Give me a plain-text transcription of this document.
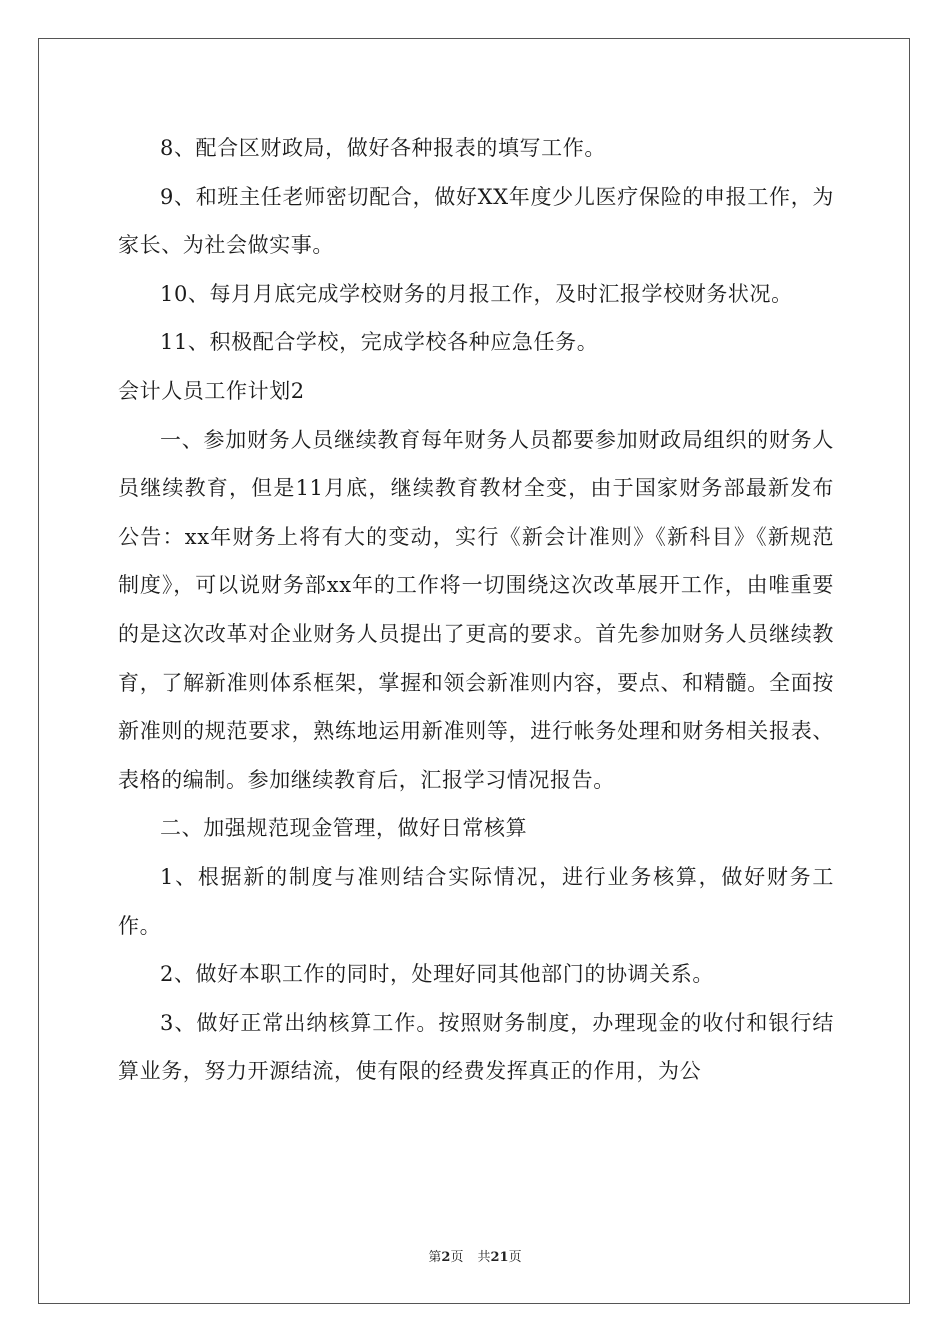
8、配合区财政局，做好各种报表的填写工作。

9、和班主任老师密切配合，做好XX年度少儿医疗保险的申报工作，为家长、为社会做实事。

10、每月月底完成学校财务的月报工作，及时汇报学校财务状况。

11、积极配合学校，完成学校各种应急任务。

会计人员工作计划2

一、参加财务人员继续教育每年财务人员都要参加财政局组织的财务人员继续教育，但是11月底，继续教育教材全变，由于国家财务部最新发布公告：xx年财务上将有大的变动，实行《新会计准则》《新科目》《新规范制度》，可以说财务部xx年的工作将一切围绕这次改革展开工作，由唯重要的是这次改革对企业财务人员提出了更高的要求。首先参加财务人员继续教育，了解新准则体系框架，掌握和领会新准则内容，要点、和精髓。全面按新准则的规范要求，熟练地运用新准则等，进行帐务处理和财务相关报表、表格的编制。参加继续教育后，汇报学习情况报告。

二、加强规范现金管理，做好日常核算

1、根据新的制度与准则结合实际情况，进行业务核算，做好财务工作。

2、做好本职工作的同时，处理好同其他部门的协调关系。

3、做好正常出纳核算工作。按照财务制度，办理现金的收付和银行结算业务，努力开源结流，使有限的经费发挥真正的作用，为公

第2页 共21页
